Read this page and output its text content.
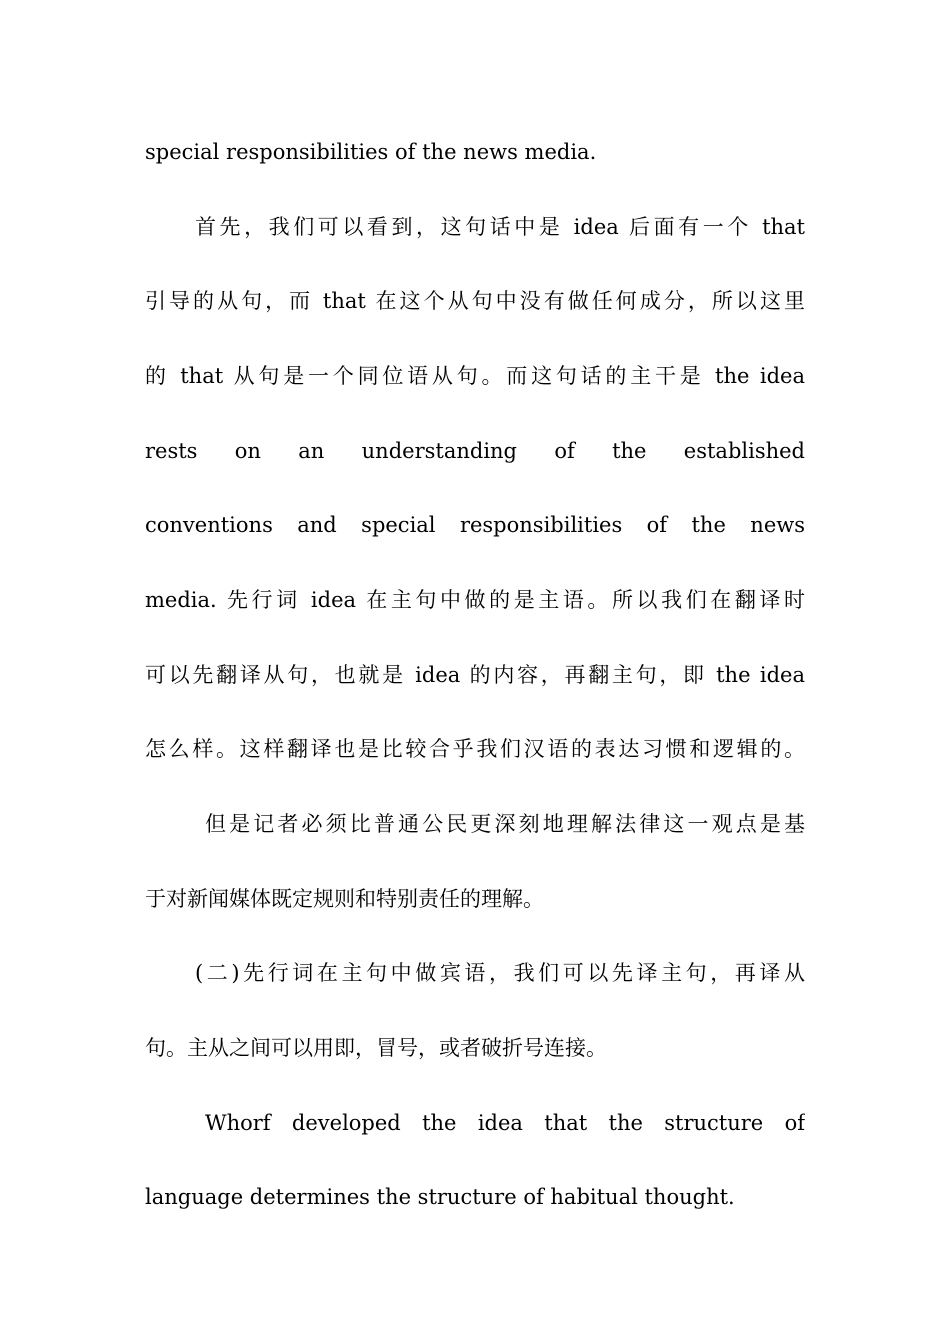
special responsibilities of the news media.
首先，我们可以看到，这句话中是 idea 后面有一个 that
引导的从句，而 that 在这个从句中没有做任何成分，所以这里
的 that 从句是一个同位语从句。而这句话的主干是 the idea
rests on an understanding of the established
conventions and special responsibilities of the news
media. 先行词 idea 在主句中做的是主语。所以我们在翻译时
可以先翻译从句，也就是 idea 的内容，再翻主句，即 the idea
怎么样。这样翻译也是比较合乎我们汉语的表达习惯和逻辑的。
但是记者必须比普通公民更深刻地理解法律这一观点是基
于对新闻媒体既定规则和特别责任的理解。
(二)先行词在主句中做宾语，我们可以先译主句，再译从
句。主从之间可以用即，冒号，或者破折号连接。
Whorf developed the idea that the structure of
language determines the structure of habitual thought.
